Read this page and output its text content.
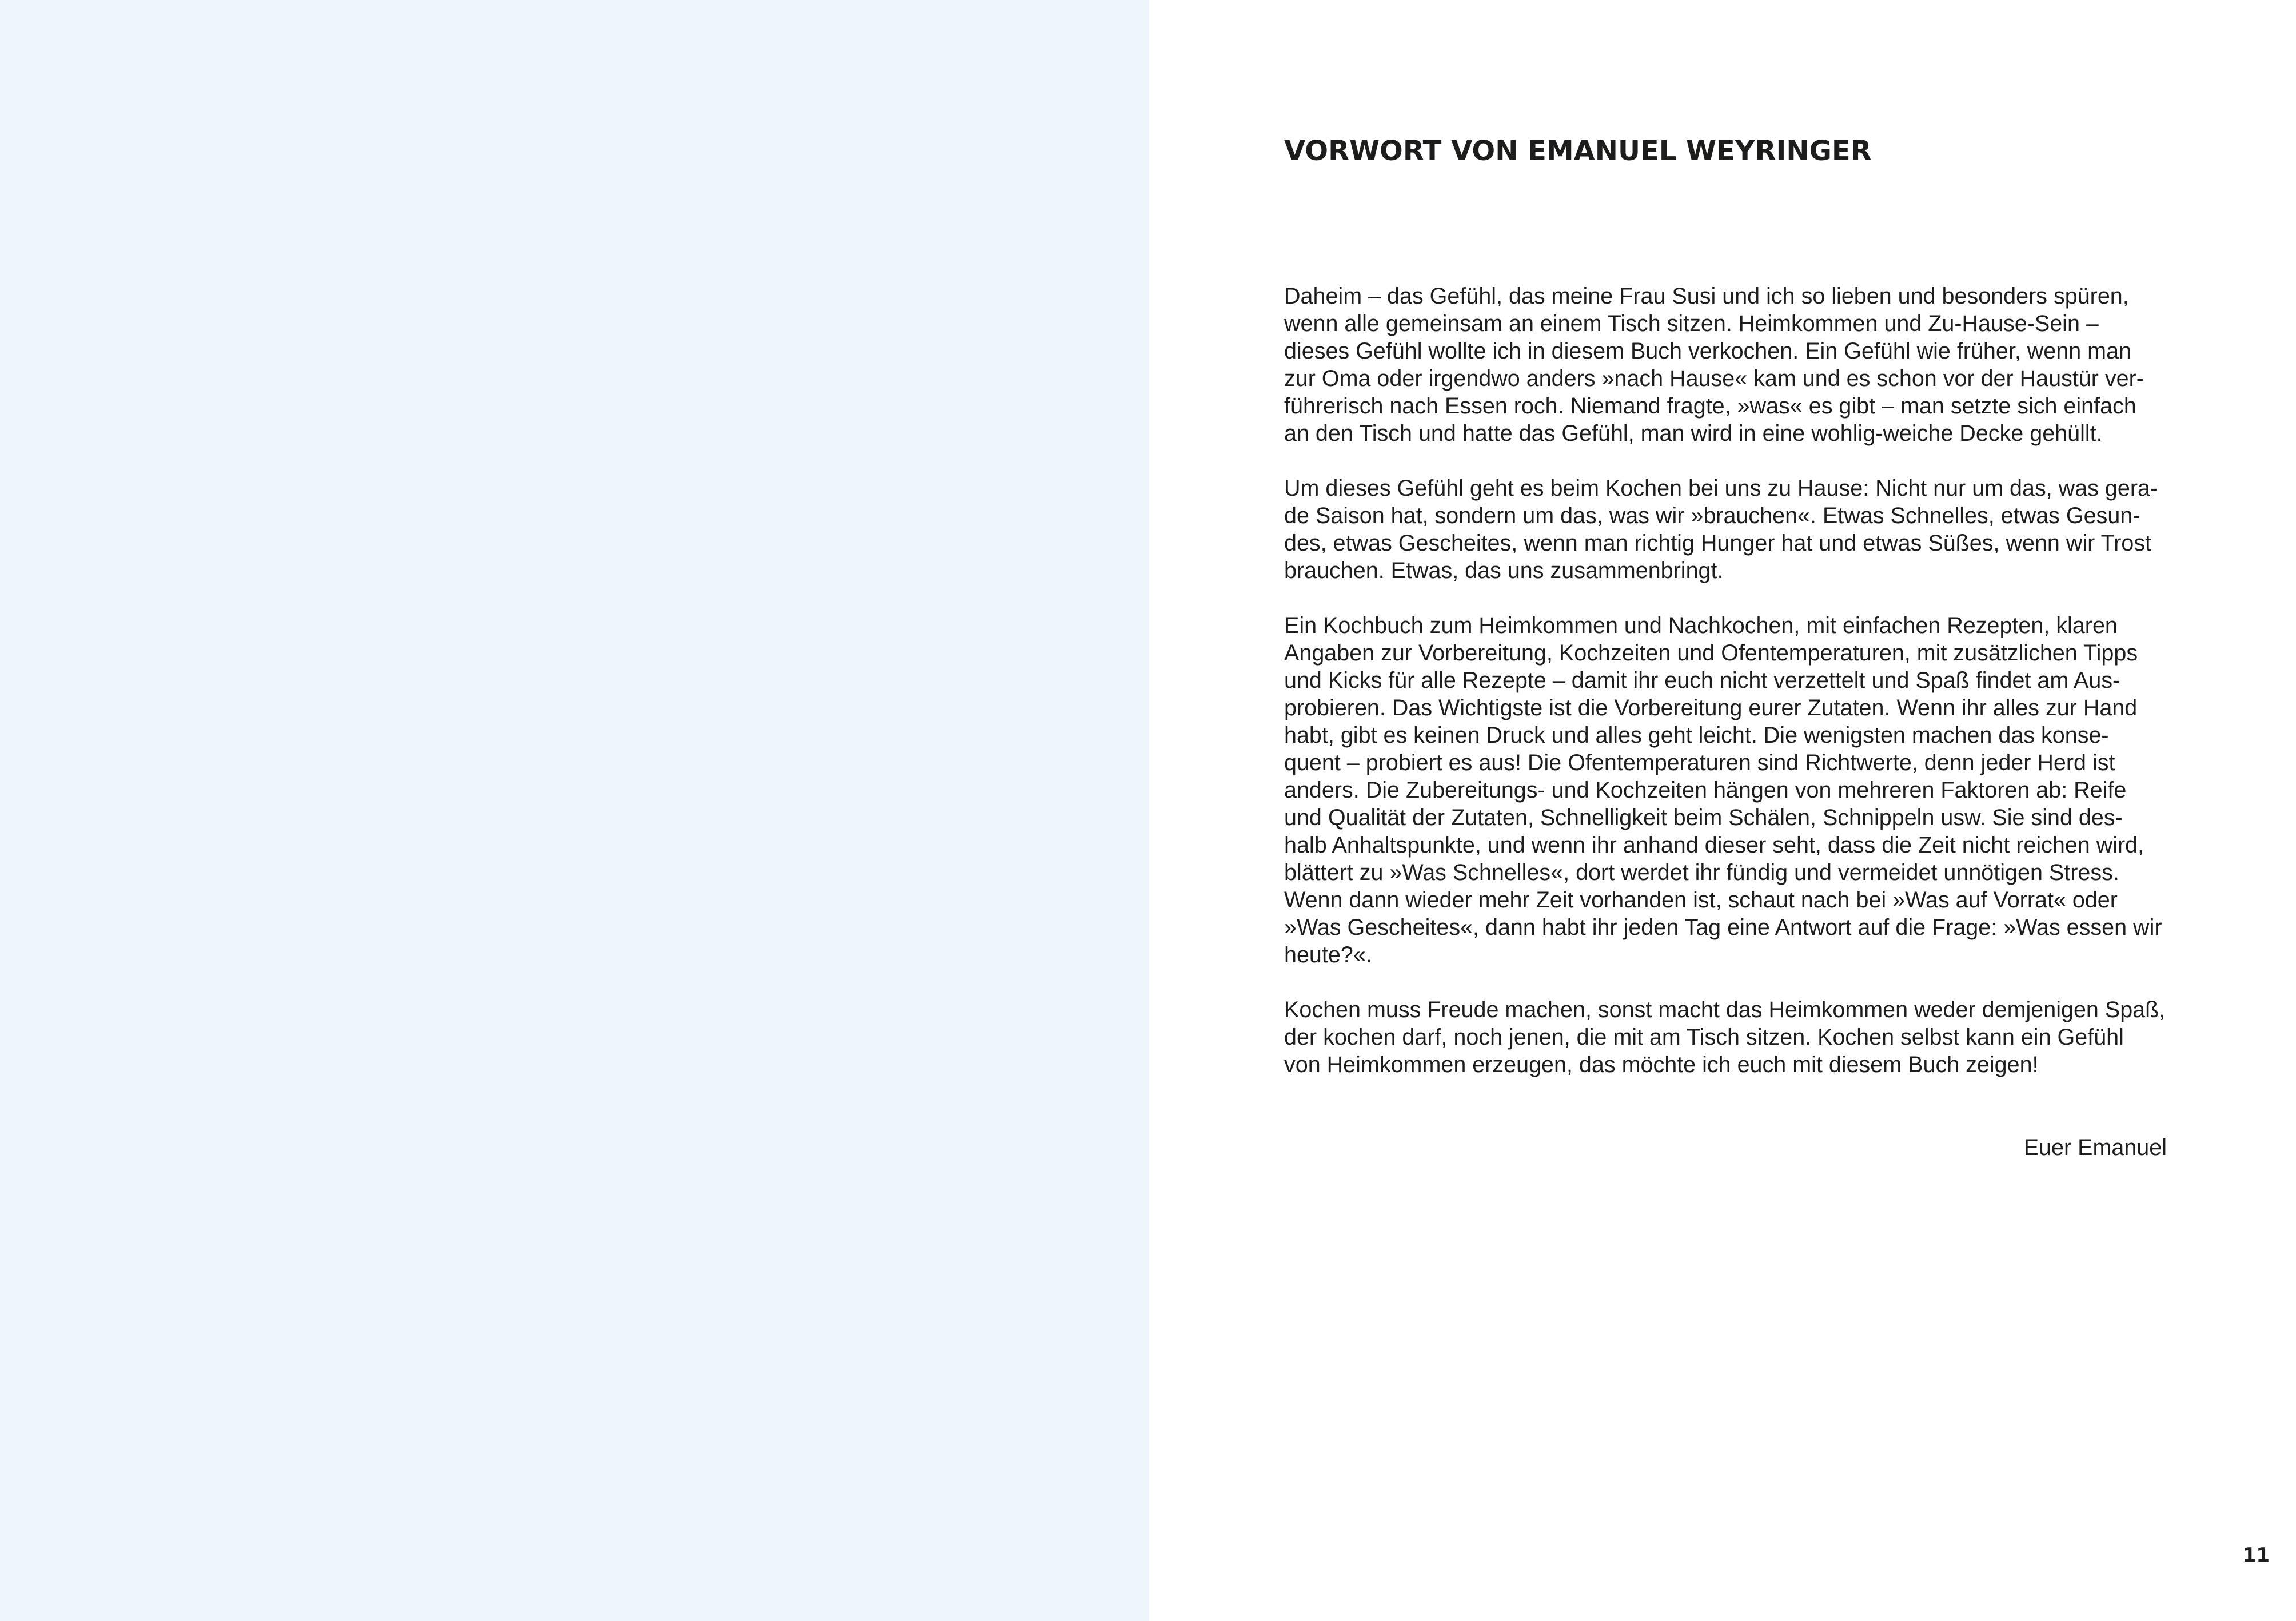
VORWORT VON EMANUEL WEYRINGER

Daheim – das Gefühl, das meine Frau Susi und ich so lieben und besonders spüren,
wenn alle gemeinsam an einem Tisch sitzen. Heimkommen und Zu-Hause-Sein –
dieses Gefühl wollte ich in diesem Buch verkochen. Ein Gefühl wie früher, wenn man
zur Oma oder irgendwo anders »nach Hause« kam und es schon vor der Haustür ver-
führerisch nach Essen roch. Niemand fragte, »was« es gibt – man setzte sich einfach
an den Tisch und hatte das Gefühl, man wird in eine wohlig-weiche Decke gehüllt.

Um dieses Gefühl geht es beim Kochen bei uns zu Hause: Nicht nur um das, was gera-
de Saison hat, sondern um das, was wir »brauchen«. Etwas Schnelles, etwas Gesun-
des, etwas Gescheites, wenn man richtig Hunger hat und etwas Süßes, wenn wir Trost
brauchen. Etwas, das uns zusammenbringt.

Ein Kochbuch zum Heimkommen und Nachkochen, mit einfachen Rezepten, klaren
Angaben zur Vorbereitung, Kochzeiten und Ofentemperaturen, mit zusätzlichen Tipps
und Kicks für alle Rezepte – damit ihr euch nicht verzettelt und Spaß findet am Aus-
probieren. Das Wichtigste ist die Vorbereitung eurer Zutaten. Wenn ihr alles zur Hand
habt, gibt es keinen Druck und alles geht leicht. Die wenigsten machen das konse-
quent – probiert es aus! Die Ofentemperaturen sind Richtwerte, denn jeder Herd ist
anders. Die Zubereitungs- und Kochzeiten hängen von mehreren Faktoren ab: Reife
und Qualität der Zutaten, Schnelligkeit beim Schälen, Schnippeln usw. Sie sind des-
halb Anhaltspunkte, und wenn ihr anhand dieser seht, dass die Zeit nicht reichen wird,
blättert zu »Was Schnelles«, dort werdet ihr fündig und vermeidet unnötigen Stress.
Wenn dann wieder mehr Zeit vorhanden ist, schaut nach bei »Was auf Vorrat« oder
»Was Gescheites«, dann habt ihr jeden Tag eine Antwort auf die Frage: »Was essen wir
heute?«.

Kochen muss Freude machen, sonst macht das Heimkommen weder demjenigen Spaß,
der kochen darf, noch jenen, die mit am Tisch sitzen. Kochen selbst kann ein Gefühl
von Heimkommen erzeugen, das möchte ich euch mit diesem Buch zeigen!

Euer Emanuel
11
